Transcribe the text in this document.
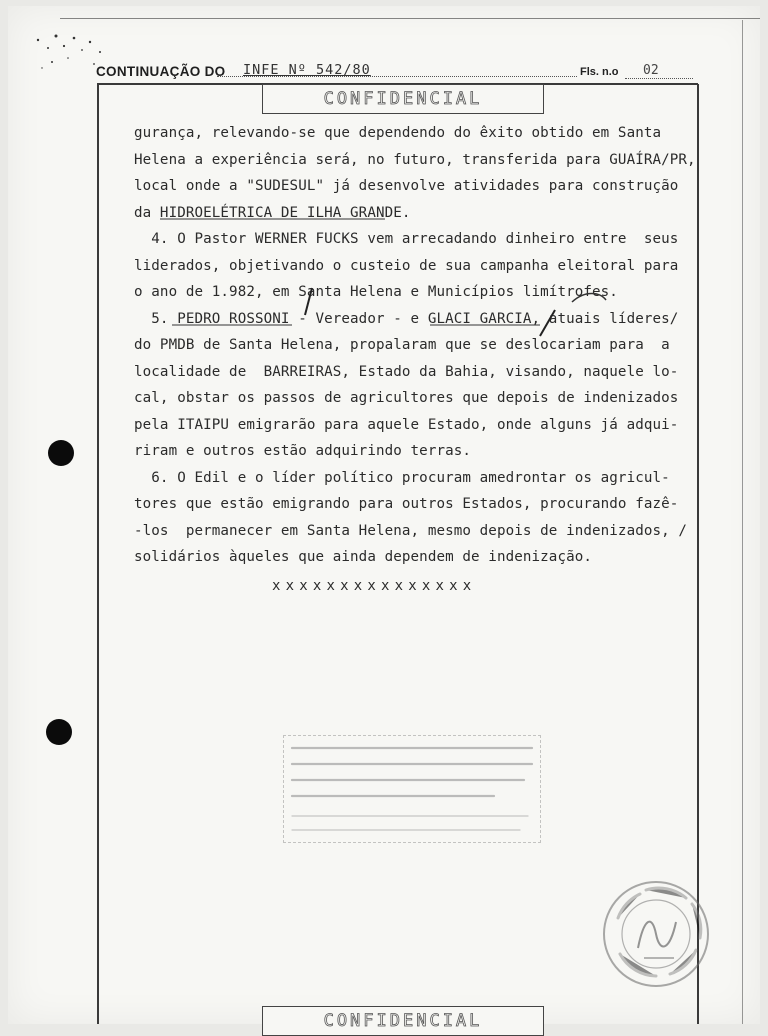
CONTINUAÇÃO DO INFE Nº 542/80	Fls. n.o 02
CONFIDENCIAL
gurança, relevando-se que dependendo do êxito obtido em Santa
Helena a experiência será, no futuro, transferida para GUAÍRA/PR,
local onde a "SUDESUL" já desenvolve atividades para construção
da HIDROELÉTRICA DE ILHA GRANDE.
4. O Pastor WERNER FUCKS vem arrecadando dinheiro entre  seus
liderados, objetivando o custeio de sua campanha eleitoral para
o ano de 1.982, em Santa Helena e Municípios limítrofes.
5. PEDRO ROSSONI - Vereador - e GLACI GARCIA, atuais líderes/
do PMDB de Santa Helena, propalaram que se deslocariam para  a
localidade de  BARREIRAS, Estado da Bahia, visando, naquele lo-
cal, obstar os passos de agricultores que depois de indenizados
pela ITAIPU emigrarão para aquele Estado, onde alguns já adqui-
riram e outros estão adquirindo terras.
6. O Edil e o líder político procuram amedrontar os agricul-
tores que estão emigrando para outros Estados, procurando fazê-
-los  permanecer em Santa Helena, mesmo depois de indenizados, /
solidários àqueles que ainda dependem de indenização.
xxxxxxxxxxxxxxx
CONFIDENCIAL
